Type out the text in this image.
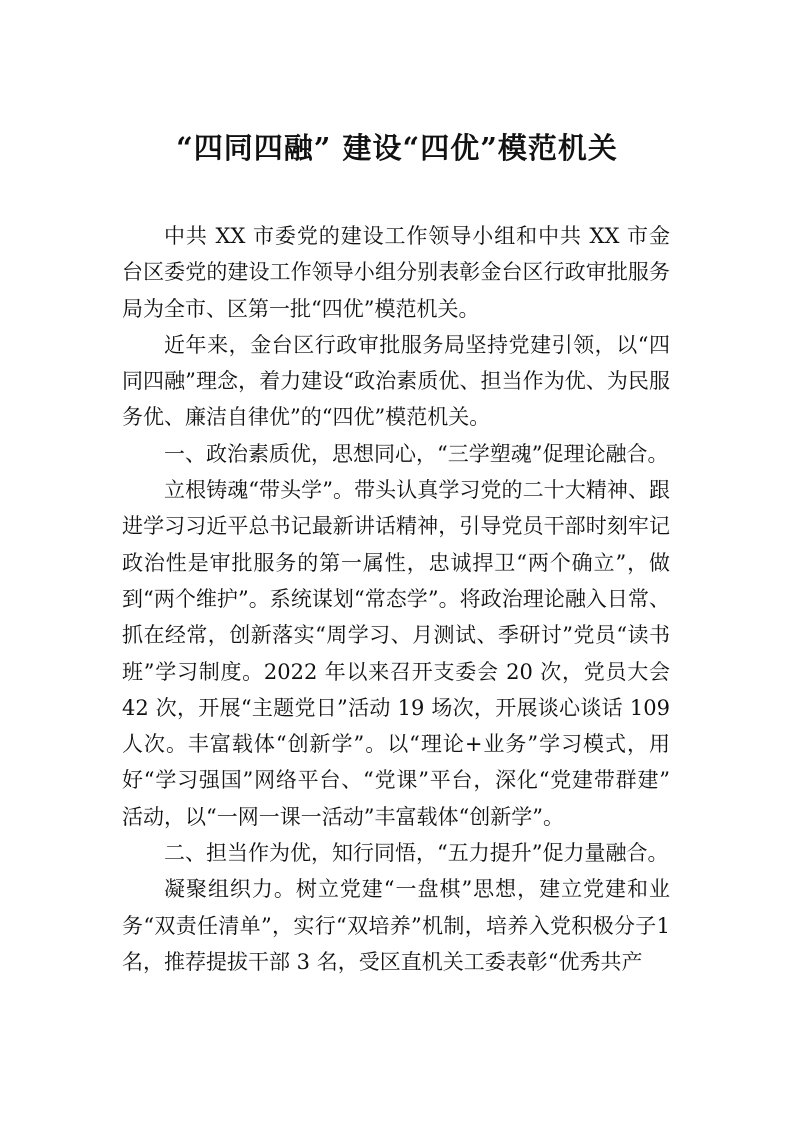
“四同四融” 建设“四优”模范机关

中共 XX 市委党的建设工作领导小组和中共 XX 市金台区委党的建设工作领导小组分别表彰金台区行政审批服务 局为全市、区第一批“四优”模范机关。

近年来，金台区行政审批服务局坚持党建引领，以“四同四融”理念，着力建设“政治素质优、担当作为优、为民服务优、廉洁自律优”的“四优”模范机关。

一、政治素质优，思想同心，“三学塑魂”促理论融合。

立根铸魂“带头学”。带头认真学习党的二十大精神、跟进学习习近平总书记最新讲话精神，引导党员干部时刻牢记政治性是审批服务的第一属性，忠诚捍卫“两个确立”，做到“两个维护”。系统谋划“常态学”。将政治理论融入日常、 抓在经常，创新落实“周学习、月测试、季研讨”党员“读书班”学习制度。2022 年以来召开支委会 20 次，党员大会42 次，开展“主题党日”活动 19 场次，开展谈心谈话 109 人次。丰富载体“创新学”。以“理论+业务”学习模式，用好“学习强国”网络平台、“党课”平台，深化“党建带群建” 活动，以“一网一课一活动”丰富载体“创新学”。

二、担当作为优，知行同悟，“五力提升”促力量融合。

凝聚组织力。树立党建“一盘棋”思想，建立党建和业务“双责任清单”，实行“双培养”机制，培养入党积极分子1 名，推荐提拔干部 3 名，受区直机关工委表彰“优秀共产
